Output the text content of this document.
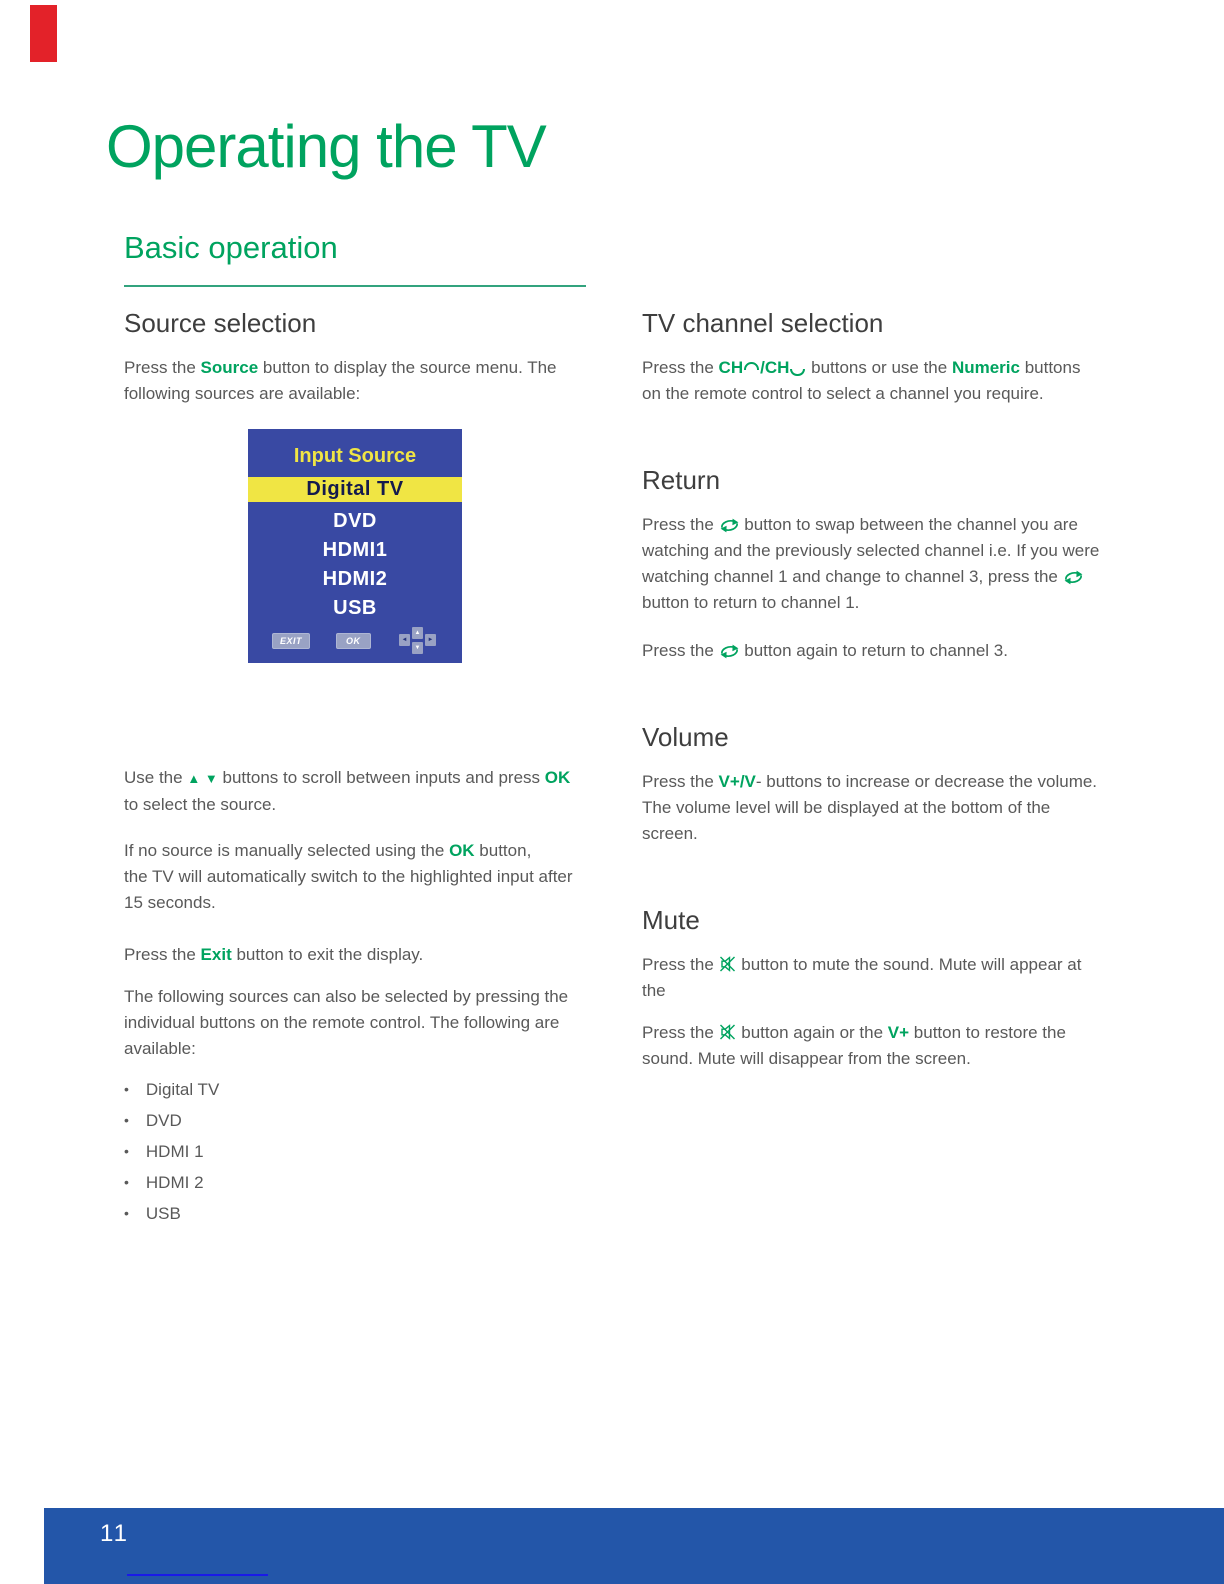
Operating the TV
Basic operation
Source selection

Press the Source button to display the source menu. The following sources are available:

Input Source
Digital TV
DVD
HDMI1
HDMI2
USB
EXIT	OK
▲
▼
◄	►

Use the ▲ ▼ buttons to scroll between inputs and press OK to select the source.

If no source is manually selected using the OK button,
the TV will automatically switch to the highlighted input after 15 seconds.

Press the Exit button to exit the display.

The following sources can also be selected by pressing the individual buttons on the remote control. The following are available:

• Digital TV
• DVD
• HDMI 1
• HDMI 2
• USB
TV channel selection

Press the CH /CH buttons or use the Numeric buttons on the remote control to select a channel you require.

Return

Press the  button to swap between the channel you are watching and the previously selected channel i.e. If you were watching channel 1 and change to channel 3, press the  button to return to channel 1.

Press the  button again to return to channel 3.

Volume

Press the V+/V- buttons to increase or decrease the volume. The volume level will be displayed at the bottom of the screen.

Mute

Press the  button to mute the sound. Mute will appear at the

Press the  button again or the V+ button to restore the sound. Mute will disappear from the screen.

11
